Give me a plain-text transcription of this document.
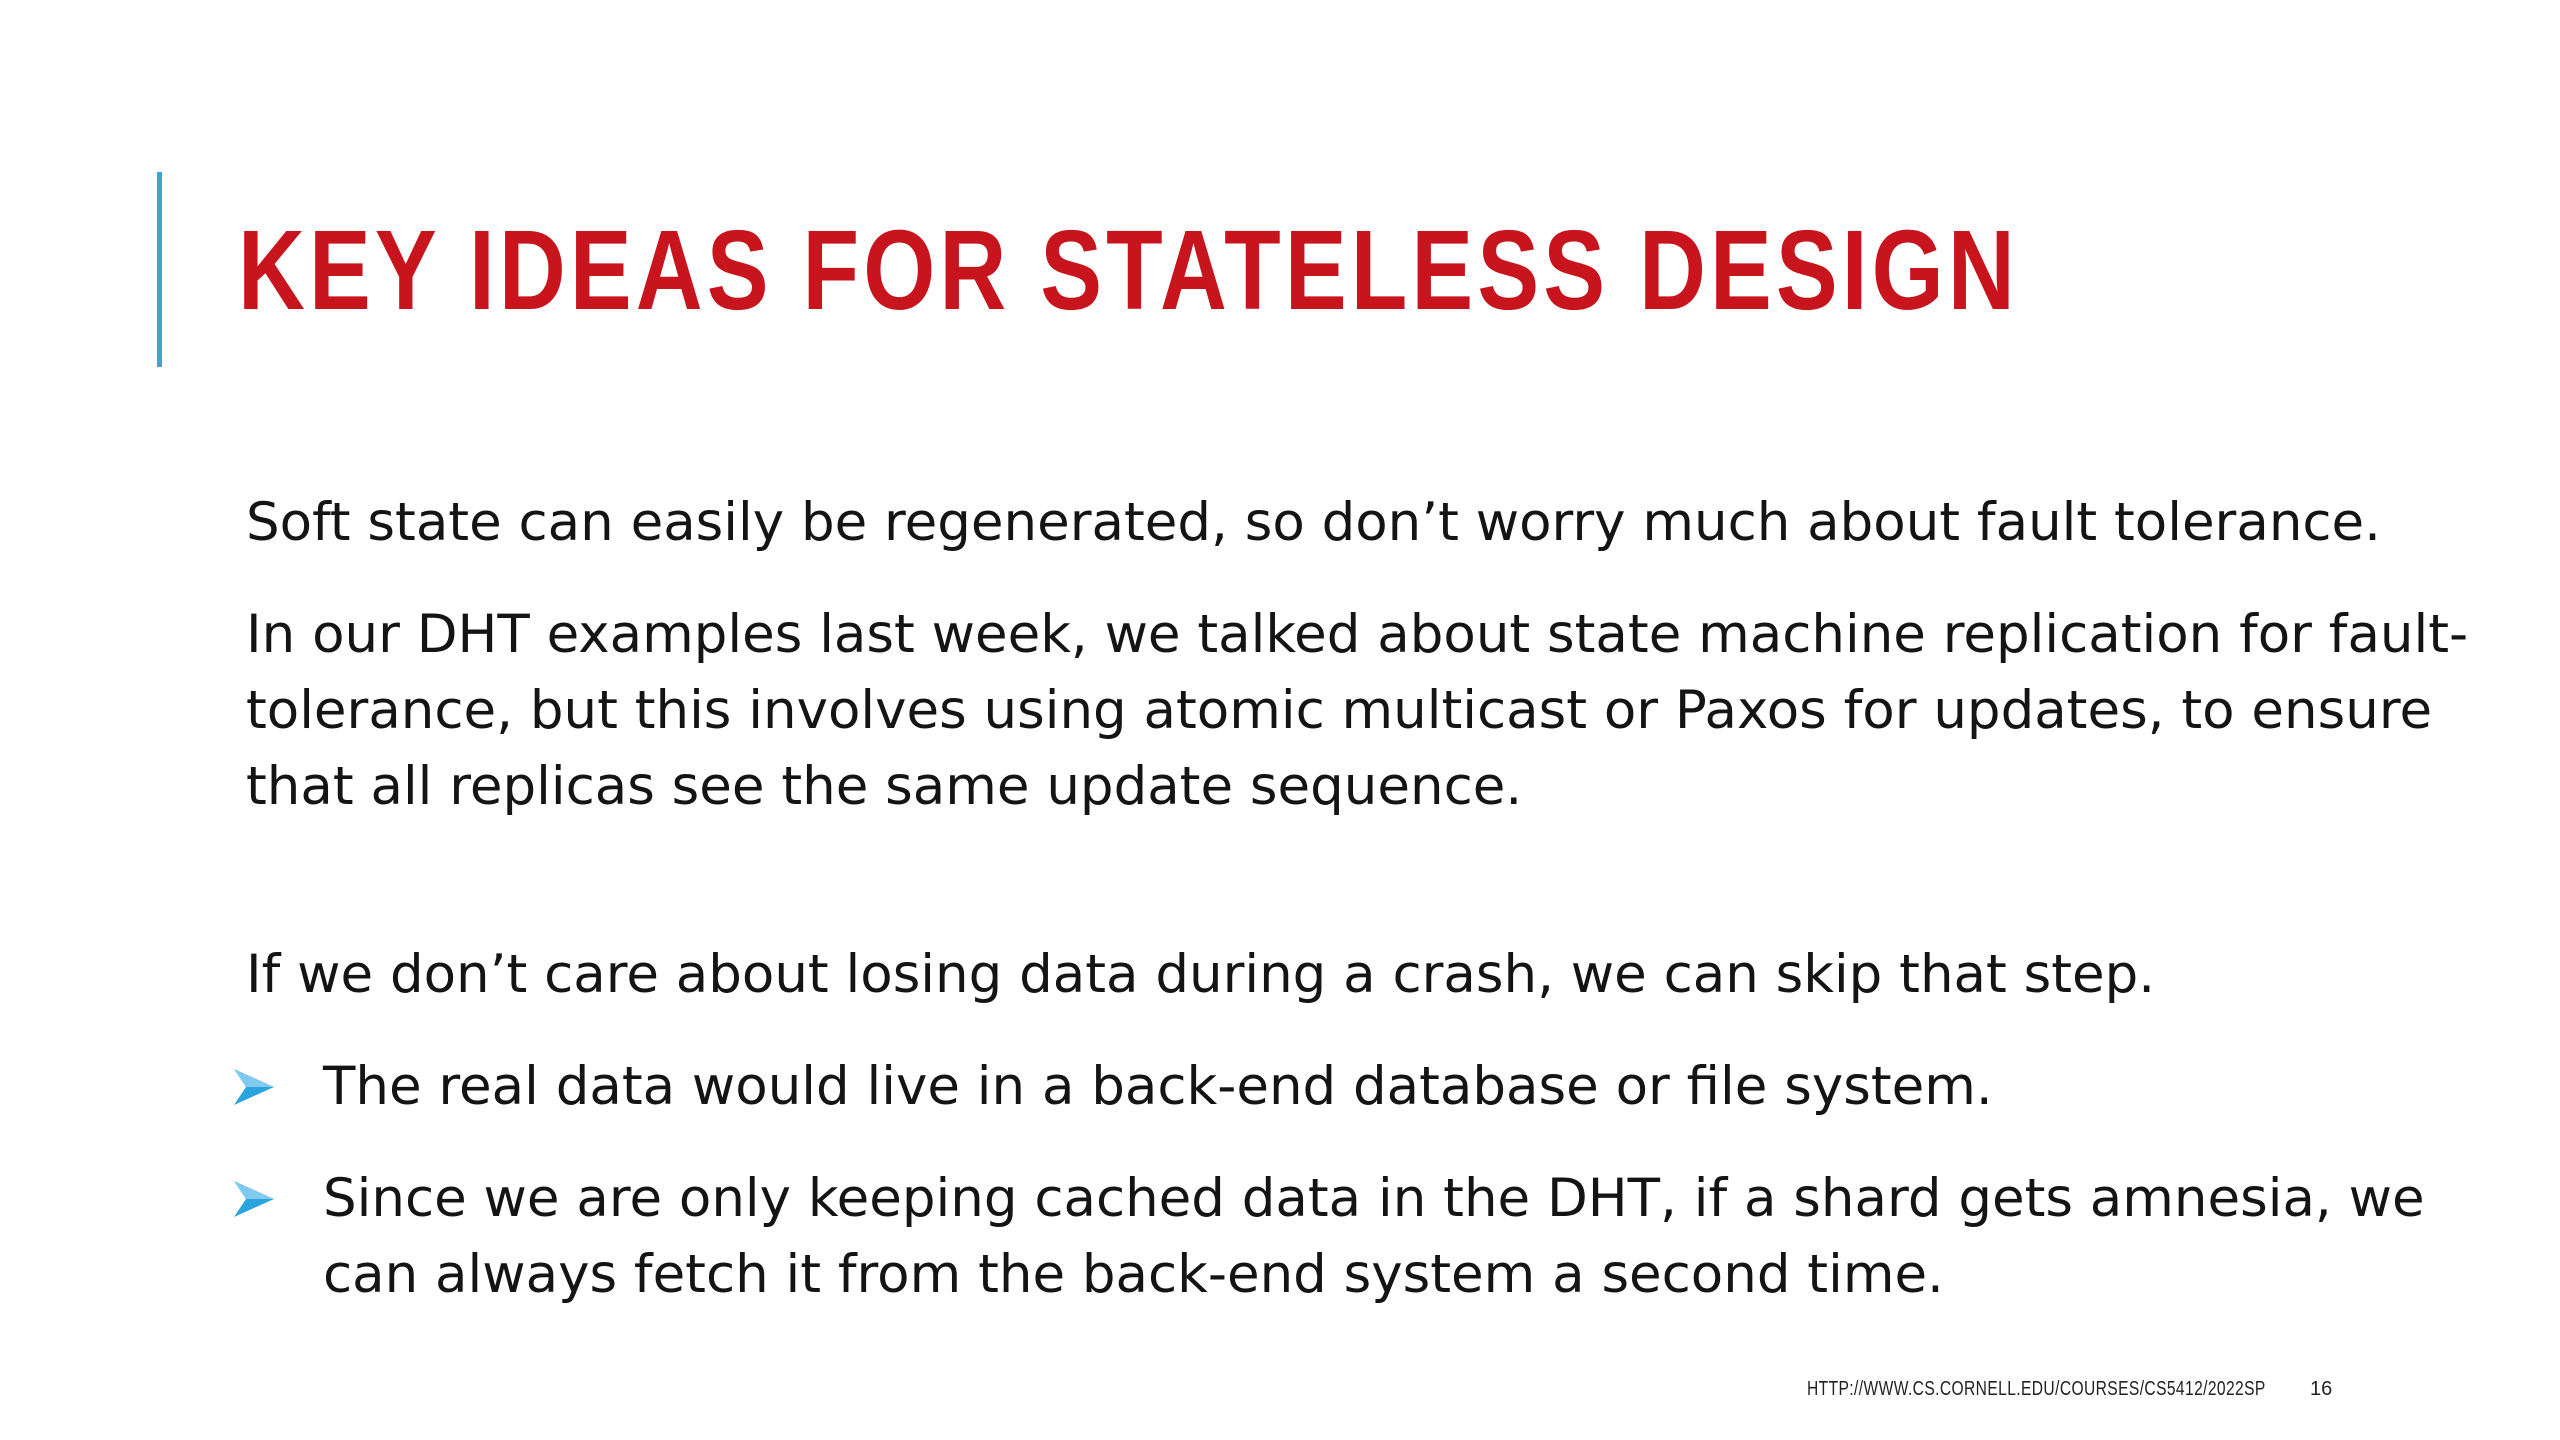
KEY IDEAS FOR STATELESS DESIGN

Soft state can easily be regenerated, so don’t worry much about fault tolerance.

In our DHT examples last week, we talked about state machine replication for fault-tolerance, but this involves using atomic multicast or Paxos for updates, to ensure that all replicas see the same update sequence.

If we don’t care about losing data during a crash, we can skip that step.

The real data would live in a back-end database or file system.
Since we are only keeping cached data in the DHT, if a shard gets amnesia, we can always fetch it from the back-end system a second time.
HTTP://WWW.CS.CORNELL.EDU/COURSES/CS5412/2022SP 16
